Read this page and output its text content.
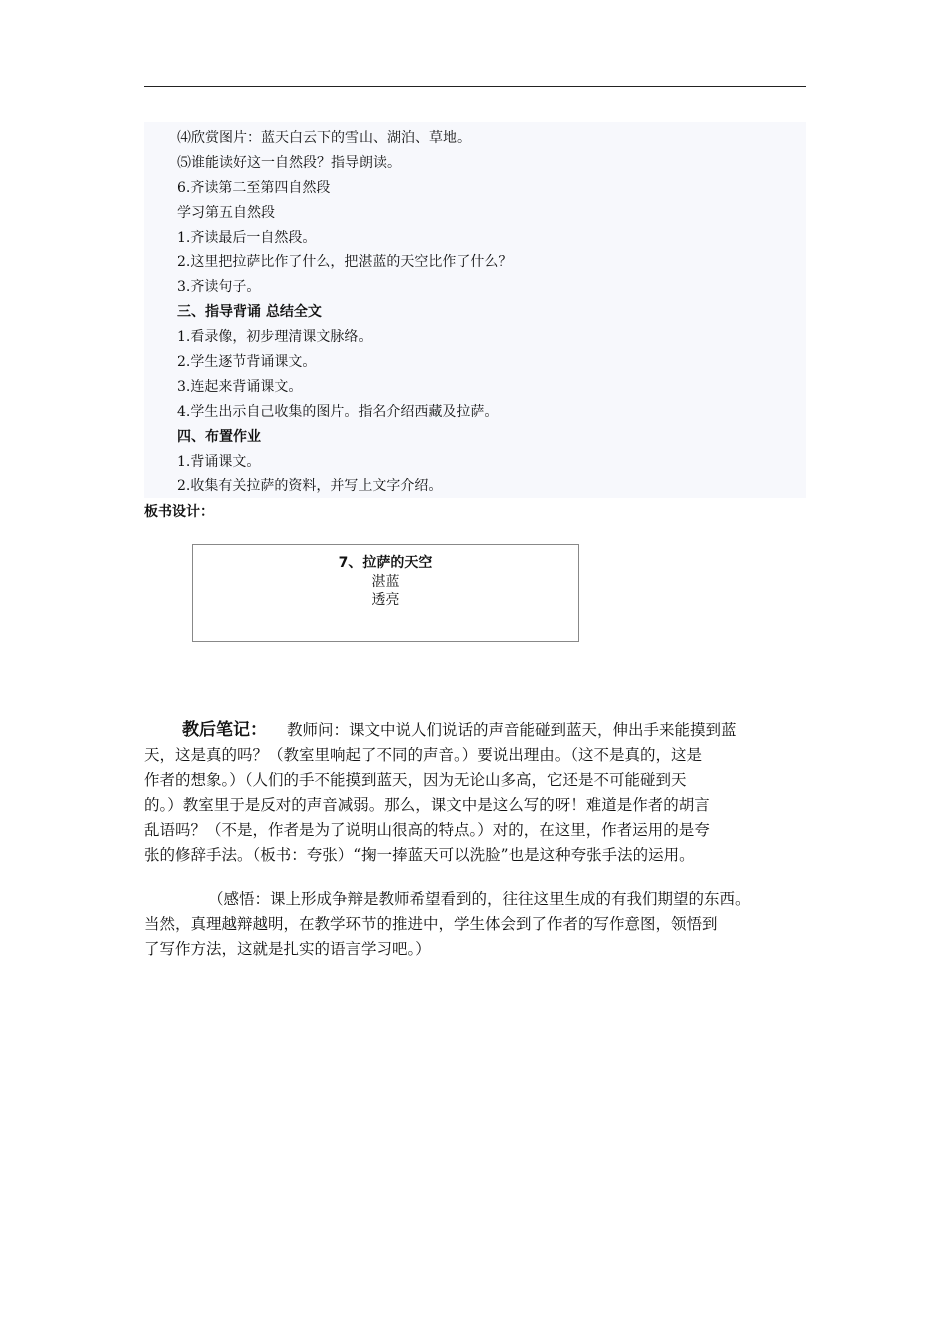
⑷欣赏图片：蓝天白云下的雪山、湖泊、草地。
⑸谁能读好这一自然段？指导朗读。
6.齐读第二至第四自然段
学习第五自然段
1.齐读最后一自然段。
2.这里把拉萨比作了什么，把湛蓝的天空比作了什么？
3.齐读句子。
三、指导背诵 总结全文
1.看录像，初步理清课文脉络。
2.学生逐节背诵课文。
3.连起来背诵课文。
4.学生出示自己收集的图片。指名介绍西藏及拉萨。
四、布置作业
1.背诵课文。
2.收集有关拉萨的资料，并写上文字介绍。
板书设计：
7、拉萨的天空
湛蓝
透亮
教后笔记： 教师问：课文中说人们说话的声音能碰到蓝天，伸出手来能摸到蓝
天，这是真的吗？（教室里响起了不同的声音。）要说出理由。（这不是真的，这是
作者的想象。）（人们的手不能摸到蓝天，因为无论山多高，它还是不可能碰到天
的。）教室里于是反对的声音减弱。那么，课文中是这么写的呀！难道是作者的胡言
乱语吗？（不是，作者是为了说明山很高的特点。）对的，在这里，作者运用的是夸
张的修辞手法。（板书：夸张）“掬一捧蓝天可以洗脸”也是这种夸张手法的运用。
（感悟：课上形成争辩是教师希望看到的，往往这里生成的有我们期望的东西。
当然，真理越辩越明，在教学环节的推进中，学生体会到了作者的写作意图，领悟到
了写作方法，这就是扎实的语言学习吧。）
